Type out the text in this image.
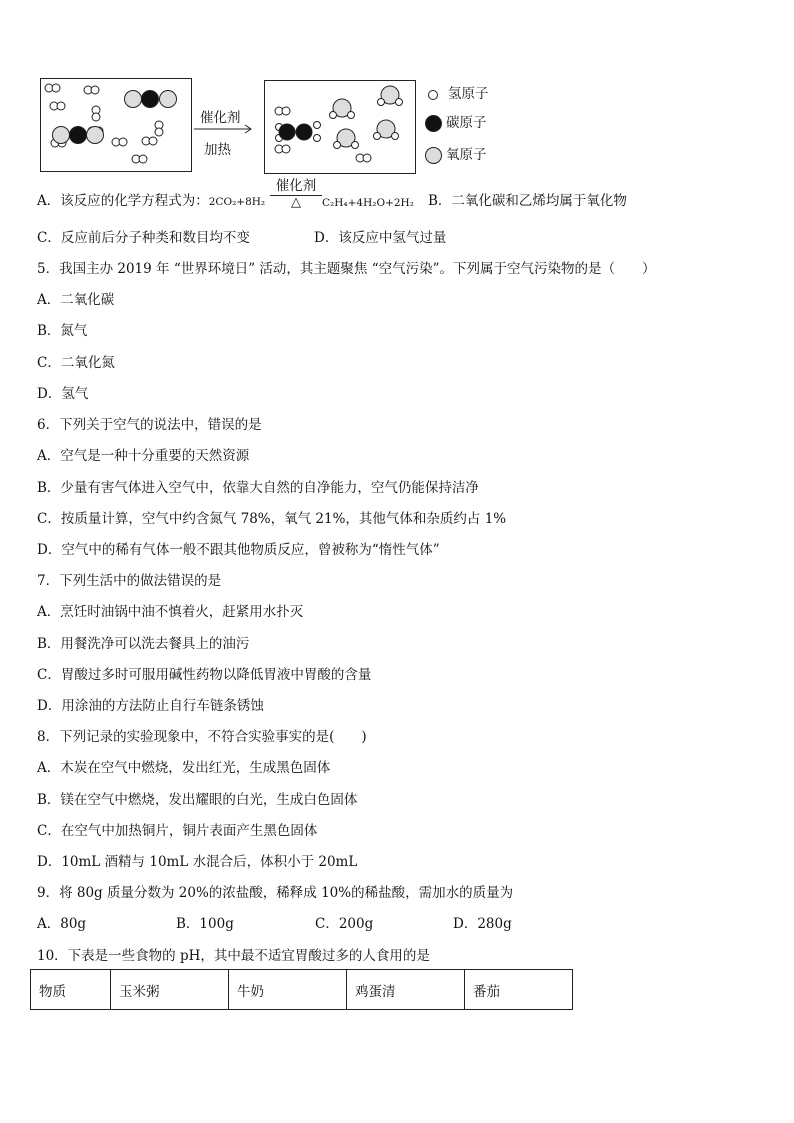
催化剂
加热
氢原子
碳原子
氧原子
A．该反应的化学方程式为：2CO₂+8H₂
催化剂
△	C₂H₄+4H₂O+2H₂ B．二氧化碳和乙烯均属于氧化物
C．反应前后分子种类和数目均不变	D．该反应中氢气过量
5．我国主办 2019 年 “世界环境日” 活动，其主题聚焦 “空气污染”。下列属于空气污染物的是（　　）
A．二氧化碳
B．氮气
C．二氧化氮
D．氢气
6．下列关于空气的说法中，错误的是
A．空气是一种十分重要的天然资源
B．少量有害气体进入空气中，依靠大自然的自净能力，空气仍能保持洁净
C．按质量计算，空气中约含氮气 78%，氧气 21%，其他气体和杂质约占 1%
D．空气中的稀有气体一般不跟其他物质反应，曾被称为“惰性气体”
7．下列生活中的做法错误的是
A．烹饪时油锅中油不慎着火，赶紧用水扑灭
B．用餐洗净可以洗去餐具上的油污
C．胃酸过多时可服用碱性药物以降低胃液中胃酸的含量
D．用涂油的方法防止自行车链条锈蚀
8．下列记录的实验现象中，不符合实验事实的是(　　)
A．木炭在空气中燃烧，发出红光，生成黑色固体
B．镁在空气中燃烧，发出耀眼的白光，生成白色固体
C．在空气中加热铜片，铜片表面产生黑色固体
D．10mL 酒精与 10mL 水混合后，体积小于 20mL
9．将 80g 质量分数为 20%的浓盐酸，稀释成 10%的稀盐酸，需加水的质量为
A．80g	B．100g	C．200g	D．280g
10．下表是一些食物的 pH，其中最不适宜胃酸过多的人食用的是
物质	玉米粥	牛奶	鸡蛋清	番茄
